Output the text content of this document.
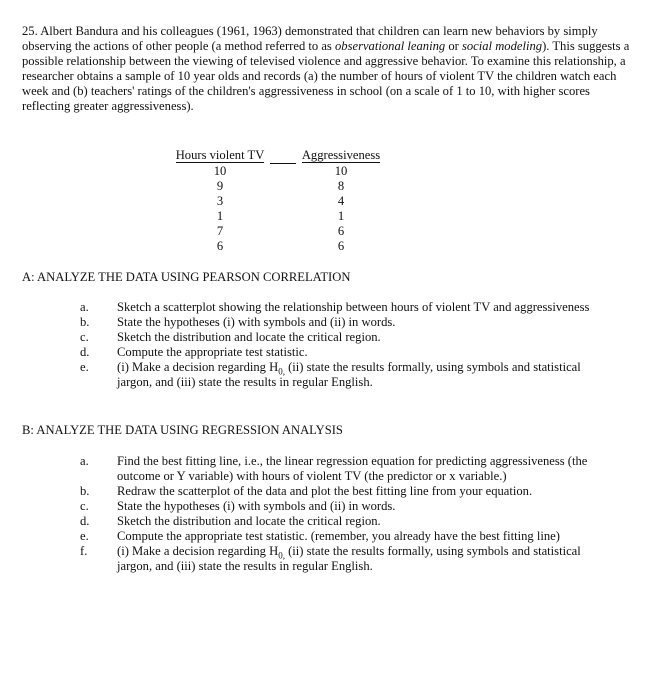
25. Albert Bandura and his colleagues (1961, 1963) demonstrated that children can learn new behaviors by simply observing the actions of other people (a method referred to as observational leaning or social modeling). This suggests a possible relationship between the viewing of televised violence and aggressive behavior. To examine this relationship, a researcher obtains a sample of 10 year olds and records (a) the number of hours of violent TV the children watch each week and (b) teachers' ratings of the children's aggressiveness in school (on a scale of 1 to 10, with higher scores reflecting greater aggressiveness).

Hours violent TV		Aggressiveness
10		10
9		8
3		4
1		1
7		6
6		6
A: ANALYZE THE DATA USING PEARSON CORRELATION
a. Sketch a scatterplot showing the relationship between hours of violent TV and aggressiveness
b. State the hypotheses (i) with symbols and (ii) in words.
c. Sketch the distribution and locate the critical region.
d. Compute the appropriate test statistic.
e. (i) Make a decision regarding $H_{0,}$ (ii) state the results formally, using symbols and statistical jargon, and (iii) state the results in regular English.
B: ANALYZE THE DATA USING REGRESSION ANALYSIS
a. Find the best fitting line, i.e., the linear regression equation for predicting aggressiveness (the outcome or Y variable) with hours of violent TV (the predictor or x variable.)
b. Redraw the scatterplot of the data and plot the best fitting line from your equation.
c. State the hypotheses (i) with symbols and (ii) in words.
d. Sketch the distribution and locate the critical region.
e. Compute the appropriate test statistic. (remember, you already have the best fitting line)
f. (i) Make a decision regarding $H_{0,}$ (ii) state the results formally, using symbols and statistical jargon, and (iii) state the results in regular English.
